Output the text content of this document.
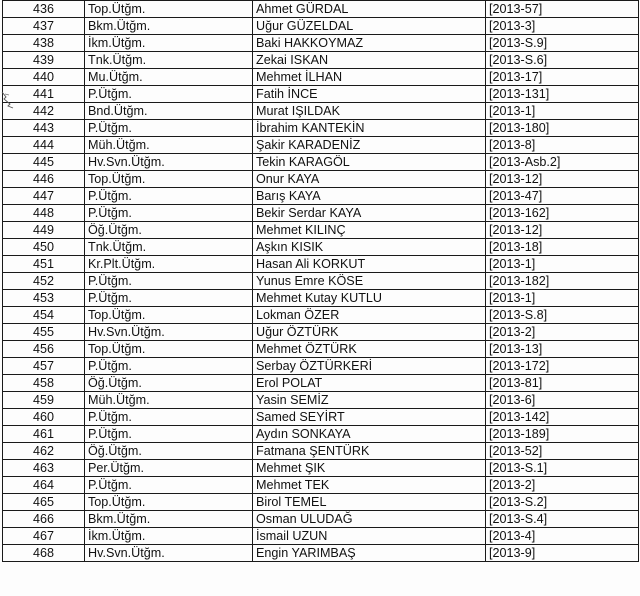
436	Top.Ütğm.	Ahmet GÜRDAL	[2013-57]
437	Bkm.Ütğm.	Uğur GÜZELDAL	[2013-3]
438	İkm.Ütğm.	Baki HAKKOYMAZ	[2013-S.9]
439	Tnk.Ütğm.	Zekai ISKAN	[2013-S.6]
440	Mu.Ütğm.	Mehmet İLHAN	[2013-17]
441	P.Ütğm.	Fatih İNCE	[2013-131]
442	Bnd.Ütğm.	Murat IŞILDAK	[2013-1]
443	P.Ütğm.	İbrahim KANTEKİN	[2013-180]
444	Müh.Ütğm.	Şakir KARADENİZ	[2013-8]
445	Hv.Svn.Ütğm.	Tekin KARAGÖL	[2013-Asb.2]
446	Top.Ütğm.	Onur KAYA	[2013-12]
447	P.Ütğm.	Barış KAYA	[2013-47]
448	P.Ütğm.	Bekir Serdar KAYA	[2013-162]
449	Öğ.Ütğm.	Mehmet KILINÇ	[2013-12]
450	Tnk.Ütğm.	Aşkın KISIK	[2013-18]
451	Kr.Plt.Ütğm.	Hasan Ali KORKUT	[2013-1]
452	P.Ütğm.	Yunus Emre KÖSE	[2013-182]
453	P.Ütğm.	Mehmet Kutay KUTLU	[2013-1]
454	Top.Ütğm.	Lokman ÖZER	[2013-S.8]
455	Hv.Svn.Ütğm.	Uğur ÖZTÜRK	[2013-2]
456	Top.Ütğm.	Mehmet ÖZTÜRK	[2013-13]
457	P.Ütğm.	Serbay ÖZTÜRKERİ	[2013-172]
458	Öğ.Ütğm.	Erol POLAT	[2013-81]
459	Müh.Ütğm.	Yasin SEMİZ	[2013-6]
460	P.Ütğm.	Samed SEYİRT	[2013-142]
461	P.Ütğm.	Aydın SONKAYA	[2013-189]
462	Öğ.Ütğm.	Fatmana ŞENTÜRK	[2013-52]
463	Per.Ütğm.	Mehmet ŞIK	[2013-S.1]
464	P.Ütğm.	Mehmet TEK	[2013-2]
465	Top.Ütğm.	Birol TEMEL	[2013-S.2]
466	Bkm.Ütğm.	Osman ULUDAĞ	[2013-S.4]
467	İkm.Ütğm.	İsmail UZUN	[2013-4]
468	Hv.Svn.Ütğm.	Engin YARIMBAŞ	[2013-9]
